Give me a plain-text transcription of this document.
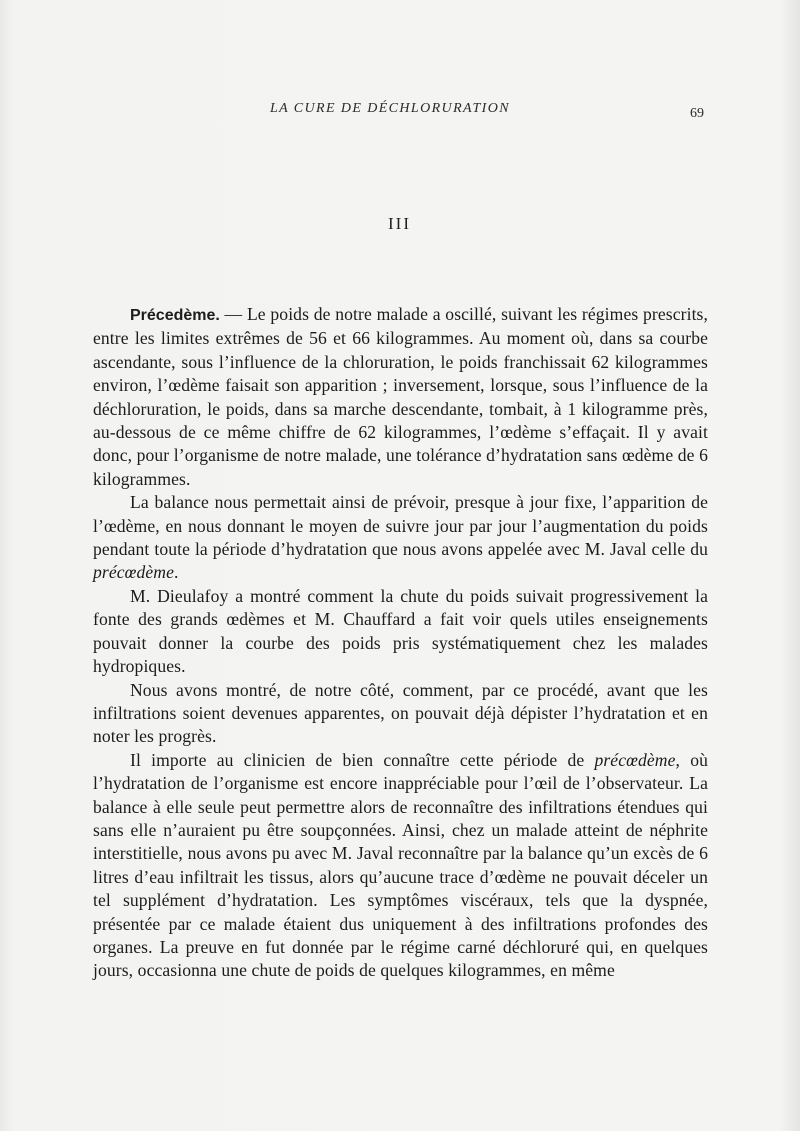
LA CURE DE DÉCHLORURATION	69
III

Précedème. — Le poids de notre malade a oscillé, suivant les régimes prescrits, entre les limites extrêmes de 56 et 66 kilogrammes. Au moment où, dans sa courbe ascendante, sous l’influence de la chloruration, le poids franchissait 62 kilogrammes environ, l’œdème faisait son apparition ; inversement, lorsque, sous l’influence de la déchloruration, le poids, dans sa marche descendante, tombait, à 1 kilogramme près, au-dessous de ce même chiffre de 62 kilogrammes, l’œdème s’effaçait. Il y avait donc, pour l’organisme de notre malade, une tolérance d’hydratation sans œdème de 6 kilogrammes.

La balance nous permettait ainsi de prévoir, presque à jour fixe, l’apparition de l’œdème, en nous donnant le moyen de suivre jour par jour l’augmentation du poids pendant toute la période d’hydratation que nous avons appelée avec M. Javal celle du précœdème.

M. Dieulafoy a montré comment la chute du poids suivait progressivement la fonte des grands œdèmes et M. Chauffard a fait voir quels utiles enseignements pouvait donner la courbe des poids pris systématiquement chez les malades hydropiques.

Nous avons montré, de notre côté, comment, par ce procédé, avant que les infiltrations soient devenues apparentes, on pouvait déjà dépister l’hydratation et en noter les progrès.

Il importe au clinicien de bien connaître cette période de précœdème, où l’hydratation de l’organisme est encore inappréciable pour l’œil de l’observateur. La balance à elle seule peut permettre alors de reconnaître des infiltrations étendues qui sans elle n’auraient pu être soupçonnées. Ainsi, chez un malade atteint de néphrite interstitielle, nous avons pu avec M. Javal reconnaître par la balance qu’un excès de 6 litres d’eau infiltrait les tissus, alors qu’aucune trace d’œdème ne pouvait déceler un tel supplément d’hydratation. Les symptômes viscéraux, tels que la dyspnée, présentée par ce malade étaient dus uniquement à des infiltrations profondes des organes. La preuve en fut donnée par le régime carné déchloruré qui, en quelques jours, occasionna une chute de poids de quelques kilogrammes, en même
